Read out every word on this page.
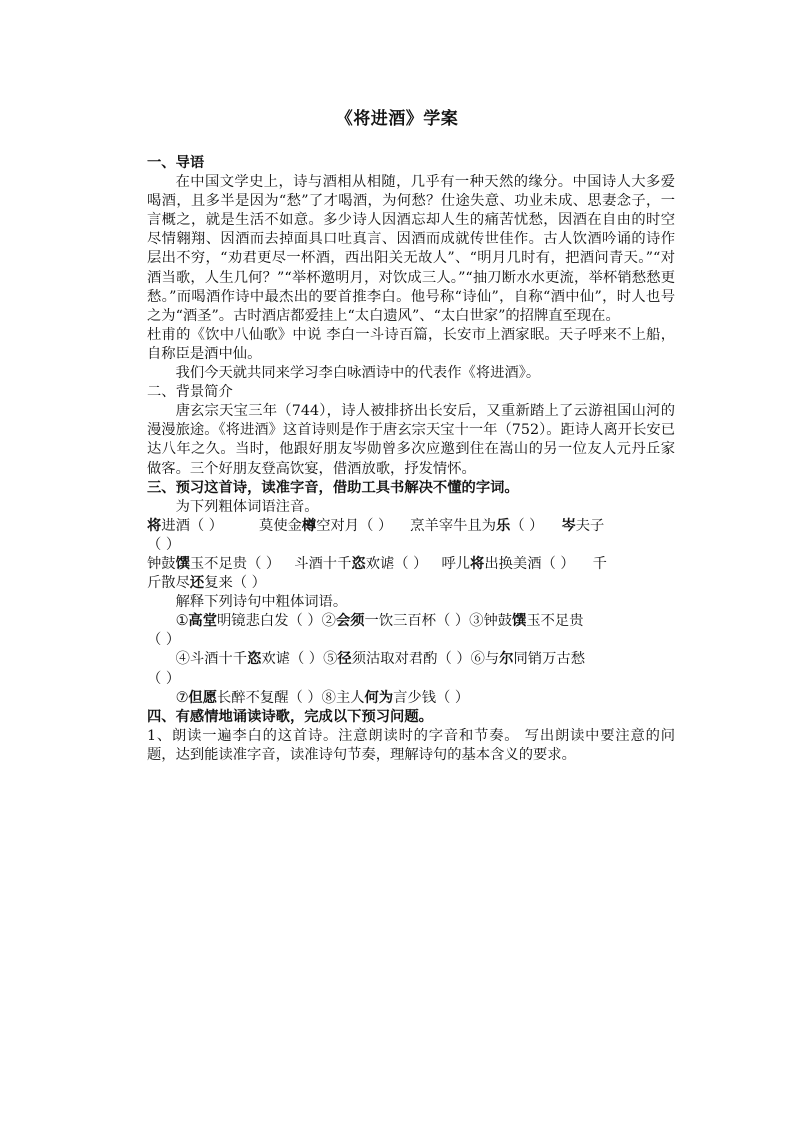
《将进酒》学案

一、导语

在中国文学史上，诗与酒相从相随，几乎有一种天然的缘分。中国诗人大多爱喝酒，且多半是因为“愁”了才喝酒，为何愁？仕途失意、功业未成、思妻念子，一言概之，就是生活不如意。多少诗人因酒忘却人生的痛苦忧愁，因酒在自由的时空尽情翱翔、因酒而去掉面具口吐真言、因酒而成就传世佳作。古人饮酒吟诵的诗作层出不穷，“劝君更尽一杯酒，西出阳关无故人”、“明月几时有，把酒问青天。”“对酒当歌，人生几何？”“举杯邀明月，对饮成三人。”“抽刀断水水更流，举杯销愁愁更愁。”而喝酒作诗中最杰出的要首推李白。他号称“诗仙”，自称“酒中仙”，时人也号之为“酒圣”。古时酒店都爱挂上“太白遗风”、“太白世家”的招牌直至现在。

杜甫的《饮中八仙歌》中说 李白一斗诗百篇，长安市上酒家眠。天子呼来不上船，自称臣是酒中仙。

我们今天就共同来学习李白咏酒诗中的代表作《将进酒》。

二、背景简介

唐玄宗天宝三年（744），诗人被排挤出长安后，又重新踏上了云游祖国山河的漫漫旅途。《将进酒》这首诗则是作于唐玄宗天宝十一年（752）。距诗人离开长安已达八年之久。当时，他跟好朋友岑勋曾多次应邀到住在嵩山的另一位友人元丹丘家做客。三个好朋友登高饮宴，借酒放歌，抒发情怀。

三、预习这首诗，读准字音，借助工具书解决不懂的字词。

为下列粗体词语注音。

将进酒（ ）	莫使金樽空对月（ ） 烹羊宰牛且为乐（ ） 岑夫子

（ ）

钟鼓馔玉不足贵（ ） 斗酒十千恣欢谑（ ） 呼儿将出换美酒（ ） 千

斤散尽还复来（ ）

解释下列诗句中粗体词语。

①高堂明镜悲白发（ ）②会须一饮三百杯（ ）③钟鼓馔玉不足贵

（ ）

④斗酒十千恣欢谑（ ）⑤径须沽取对君酌（ ）⑥与尔同销万古愁

（ ）

⑦但愿长醉不复醒（ ）⑧主人何为言少钱（ ）

四、有感情地诵读诗歌，完成以下预习问题。

1、朗读一遍李白的这首诗。注意朗读时的字音和节奏。 写出朗读中要注意的问题，达到能读准字音，读准诗句节奏，理解诗句的基本含义的要求。
